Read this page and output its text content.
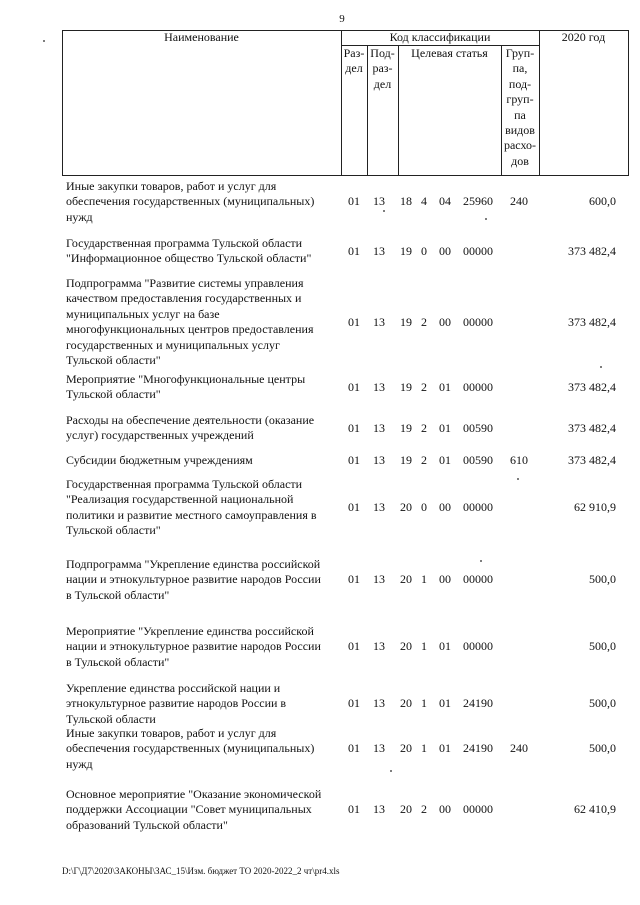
9
Наименование	Код классификации	2020 год
Раз-
дел
Под-
раз-
дел
Целевая статья	Груп-
па,
под-
груп-
па
видов
расхо-
дов
Иные закупки товаров, работ и услуг для
обеспечения государственных (муниципальных)
нужд
01 13 18 4 04 25960 240	600,0
Государственная программа Тульской области
"Информационное общество Тульской области"
01 13 19 0 00 00000	373 482,4
Подпрограмма "Развитие системы управления
качеством предоставления государственных и
муниципальных услуг на базе
многофункциональных центров предоставления
государственных и муниципальных услуг
Тульской области"
01 13 19 2 00 00000	373 482,4
Мероприятие "Многофункциональные центры
Тульской области"
01 13 19 2 01 00000	373 482,4
Расходы на обеспечение деятельности (оказание
услуг) государственных учреждений
01 13 19 2 01 00590	373 482,4
Субсидии бюджетным учреждениям	01 13 19 2 01 00590 610	373 482,4
Государственная программа Тульской области
"Реализация государственной национальной
политики и развитие местного самоуправления в
Тульской области"
01 13 20 0 00 00000	62 910,9
Подпрограмма "Укрепление единства российской
нации и этнокультурное развитие народов России
в Тульской области"
01 13 20 1 00 00000	500,0
Мероприятие "Укрепление единства российской
нации и этнокультурное развитие народов России
в Тульской области"
01 13 20 1 01 00000	500,0
Укрепление единства российской нации и
этнокультурное развитие народов России в
Тульской области
01 13 20 1 01 24190	500,0
Иные закупки товаров, работ и услуг для
обеспечения государственных (муниципальных)
нужд
01 13 20 1 01 24190 240	500,0
Основное мероприятие "Оказание экономической
поддержки Ассоциации "Совет муниципальных
образований Тульской области"
01 13 20 2 00 00000	62 410,9
D:\Г\Д7\2020\ЗАКОНЫ\ЗАС_15\Изм. бюджет ТО 2020-2022_2 чт\pr4.xls
